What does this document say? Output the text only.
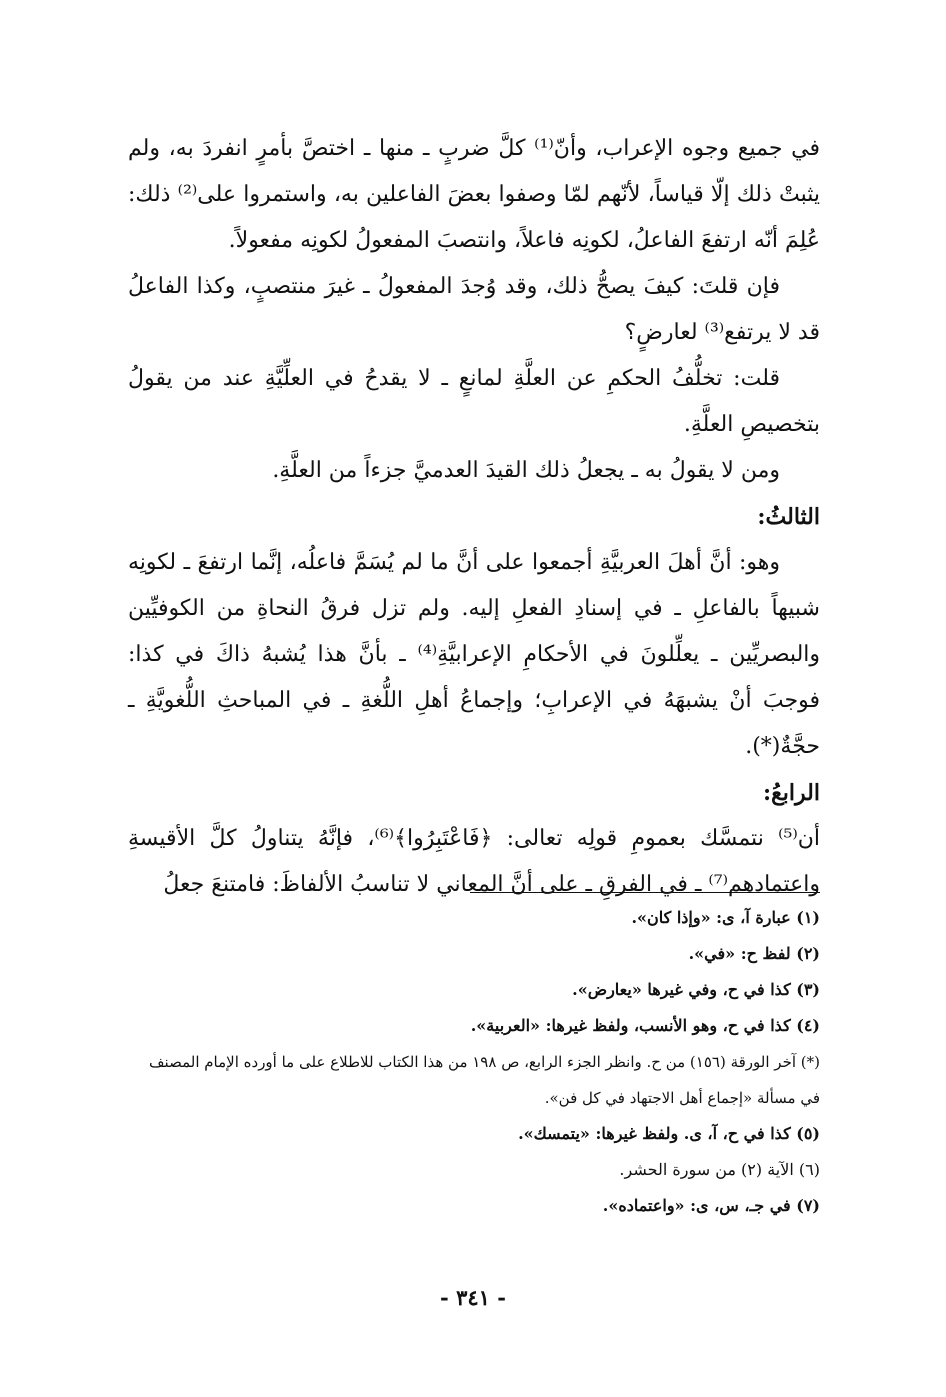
في جميع وجوه الإعراب، وأنّ⁽¹⁾ كلَّ ضربٍ ـ منها ـ اختصَّ بأمرٍ انفردَ به، ولم يثبتْ ذلك إلّا قياساً، لأنّهم لمّا وصفوا بعضَ الفاعلين به، واستمروا على⁽²⁾ ذلك: عُلِمَ أنّه ارتفعَ الفاعلُ، لكونِه فاعلاً، وانتصبَ المفعولُ لكونِه مفعولاً.

فإن قلتَ: كيفَ يصحُّ ذلك، وقد وُجدَ المفعولُ ـ غيرَ منتصبٍ، وكذا الفاعلُ قد لا يرتفع⁽³⁾ لعارضٍ؟

قلت: تخلُّفُ الحكمِ عن العلَّةِ لمانعٍ ـ لا يقدحُ في العلِّيَّةِ عند من يقولُ بتخصيصِ العلَّةِ.

ومن لا يقولُ به ـ يجعلُ ذلك القيدَ العدميَّ جزءاً من العلَّةِ.

الثالثُ:

وهو: أنَّ أهلَ العربيَّةِ أجمعوا على أنَّ ما لم يُسَمَّ فاعلُه، إنَّما ارتفعَ ـ لكونِه شبيهاً بالفاعلِ ـ في إسنادِ الفعلِ إليه. ولم تزل فرقُ النحاةِ من الكوفيِّين والبصريِّين ـ يعلِّلونَ في الأحكامِ الإعرابيَّةِ⁽⁴⁾ ـ بأنَّ هذا يُشبهُ ذاكَ في كذا: فوجبَ أنْ يشبهَهُ في الإعرابِ؛ وإجماعُ أهلِ اللُّغةِ ـ في المباحثِ اللُّغويَّةِ ـ حجَّةٌ(*).

الرابعُ:

أن⁽⁵⁾ نتمسَّك بعمومِ قولِه تعالى: ﴿فَاعْتَبِرُوا﴾⁽⁶⁾، فإنَّهُ يتناولُ كلَّ الأقيسةِ واعتمادهم⁽⁷⁾ ـ في الفرقِ ـ على أنَّ المعاني لا تناسبُ الألفاظَ: فامتنعَ جعلُ

(١) عبارة آ، ى: «وإذا كان».

(٢) لفظ ح: «في».

(٣) كذا في ح، وفي غيرها «يعارض».

(٤) كذا في ح، وهو الأنسب، ولفظ غيرها: «العربية».

(*) آخر الورقة (١٥٦) من ح. وانظر الجزء الرابع، ص ١٩٨ من هذا الكتاب للاطلاع على ما أورده الإمام المصنف في مسألة «إجماع أهل الاجتهاد في كل فن».

(٥) كذا في ح، آ، ى. ولفظ غيرها: «يتمسك».

(٦) الآية (٢) من سورة الحشر.

(٧) في جـ، س، ى: «واعتماده».

- ٣٤١ -
